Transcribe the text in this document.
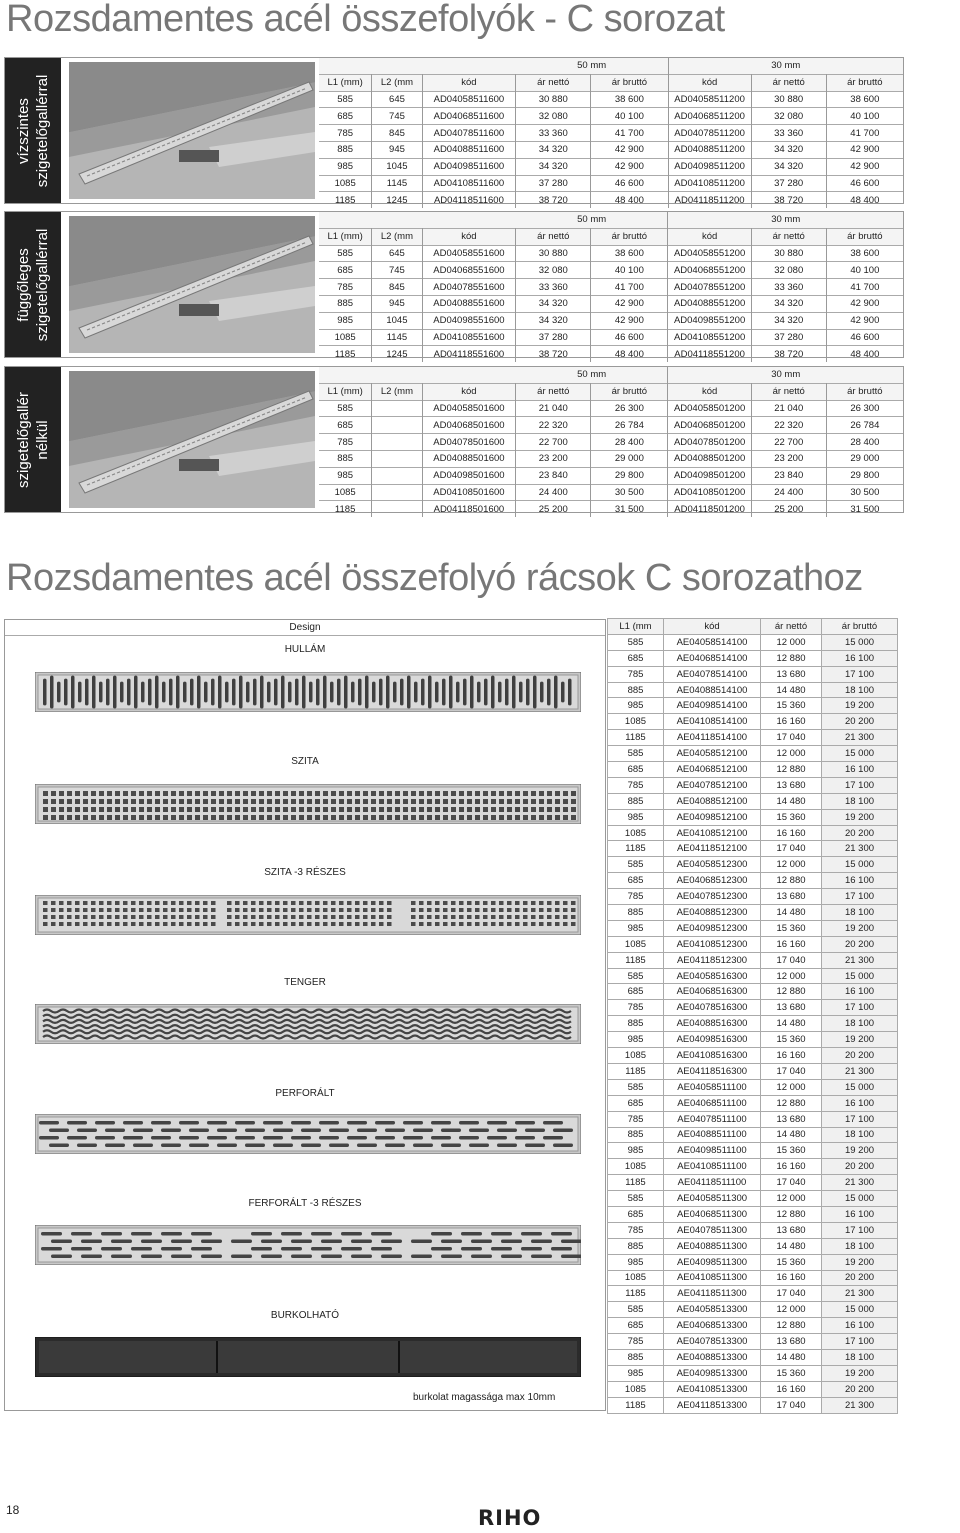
Rozsdamentes acél összefolyók - C sorozat
vízszintes
szigetelőgallérral
			50 mm		30 mm		
L1 (mm)	L2 (mm	kód	ár nettó	ár bruttó	kód	ár nettó	ár bruttó
585	645	AD04058511600	30 880	38 600	AD04058511200	30 880	38 600
685	745	AD04068511600	32 080	40 100	AD04068511200	32 080	40 100
785	845	AD04078511600	33 360	41 700	AD04078511200	33 360	41 700
885	945	AD04088511600	34 320	42 900	AD04088511200	34 320	42 900
985	1045	AD04098511600	34 320	42 900	AD04098511200	34 320	42 900
1085	1145	AD04108511600	37 280	46 600	AD04108511200	37 280	46 600
1185	1245	AD04118511600	38 720	48 400	AD04118511200	38 720	48 400
függőleges
szigetelőgallérral
			50 mm		30 mm		
L1 (mm)	L2 (mm	kód	ár nettó	ár bruttó	kód	ár nettó	ár bruttó
585	645	AD04058551600	30 880	38 600	AD04058551200	30 880	38 600
685	745	AD04068551600	32 080	40 100	AD04068551200	32 080	40 100
785	845	AD04078551600	33 360	41 700	AD04078551200	33 360	41 700
885	945	AD04088551600	34 320	42 900	AD04088551200	34 320	42 900
985	1045	AD04098551600	34 320	42 900	AD04098551200	34 320	42 900
1085	1145	AD04108551600	37 280	46 600	AD04108551200	37 280	46 600
1185	1245	AD04118551600	38 720	48 400	AD04118551200	38 720	48 400
szigetelőgallér
nélkül
			50 mm		30 mm		
L1 (mm)	L2 (mm	kód	ár nettó	ár bruttó	kód	ár nettó	ár bruttó
585		AD04058501600	21 040	26 300	AD04058501200	21 040	26 300
685		AD04068501600	22 320	26 784	AD04068501200	22 320	26 784
785		AD04078501600	22 700	28 400	AD04078501200	22 700	28 400
885		AD04088501600	23 200	29 000	AD04088501200	23 200	29 000
985		AD04098501600	23 840	29 800	AD04098501200	23 840	29 800
1085		AD04108501600	24 400	30 500	AD04108501200	24 400	30 500
1185		AD04118501600	25 200	31 500	AD04118501200	25 200	31 500
Rozsdamentes acél összefolyó rácsok C sorozathoz
Design
HULLÁM
SZITA
SZITA -3 RÉSZES
TENGER
PERFORÁLT
FERFORÁLT -3 RÉSZES
BURKOLHATÓ
burkolat magassága max 10mm
L1 (mm	kód	ár nettó	ár bruttó
585	AE04058514100	12 000	15 000
685	AE04068514100	12 880	16 100
785	AE04078514100	13 680	17 100
885	AE04088514100	14 480	18 100
985	AE04098514100	15 360	19 200
1085	AE04108514100	16 160	20 200
1185	AE04118514100	17 040	21 300
585	AE04058512100	12 000	15 000
685	AE04068512100	12 880	16 100
785	AE04078512100	13 680	17 100
885	AE04088512100	14 480	18 100
985	AE04098512100	15 360	19 200
1085	AE04108512100	16 160	20 200
1185	AE04118512100	17 040	21 300
585	AE04058512300	12 000	15 000
685	AE04068512300	12 880	16 100
785	AE04078512300	13 680	17 100
885	AE04088512300	14 480	18 100
985	AE04098512300	15 360	19 200
1085	AE04108512300	16 160	20 200
1185	AE04118512300	17 040	21 300
585	AE04058516300	12 000	15 000
685	AE04068516300	12 880	16 100
785	AE04078516300	13 680	17 100
885	AE04088516300	14 480	18 100
985	AE04098516300	15 360	19 200
1085	AE04108516300	16 160	20 200
1185	AE04118516300	17 040	21 300
585	AE04058511100	12 000	15 000
685	AE04068511100	12 880	16 100
785	AE04078511100	13 680	17 100
885	AE04088511100	14 480	18 100
985	AE04098511100	15 360	19 200
1085	AE04108511100	16 160	20 200
1185	AE04118511100	17 040	21 300
585	AE04058511300	12 000	15 000
685	AE04068511300	12 880	16 100
785	AE04078511300	13 680	17 100
885	AE04088511300	14 480	18 100
985	AE04098511300	15 360	19 200
1085	AE04108511300	16 160	20 200
1185	AE04118511300	17 040	21 300
585	AE04058513300	12 000	15 000
685	AE04068513300	12 880	16 100
785	AE04078513300	13 680	17 100
885	AE04088513300	14 480	18 100
985	AE04098513300	15 360	19 200
1085	AE04108513300	16 160	20 200
1185	AE04118513300	17 040	21 300
18	RIHO
